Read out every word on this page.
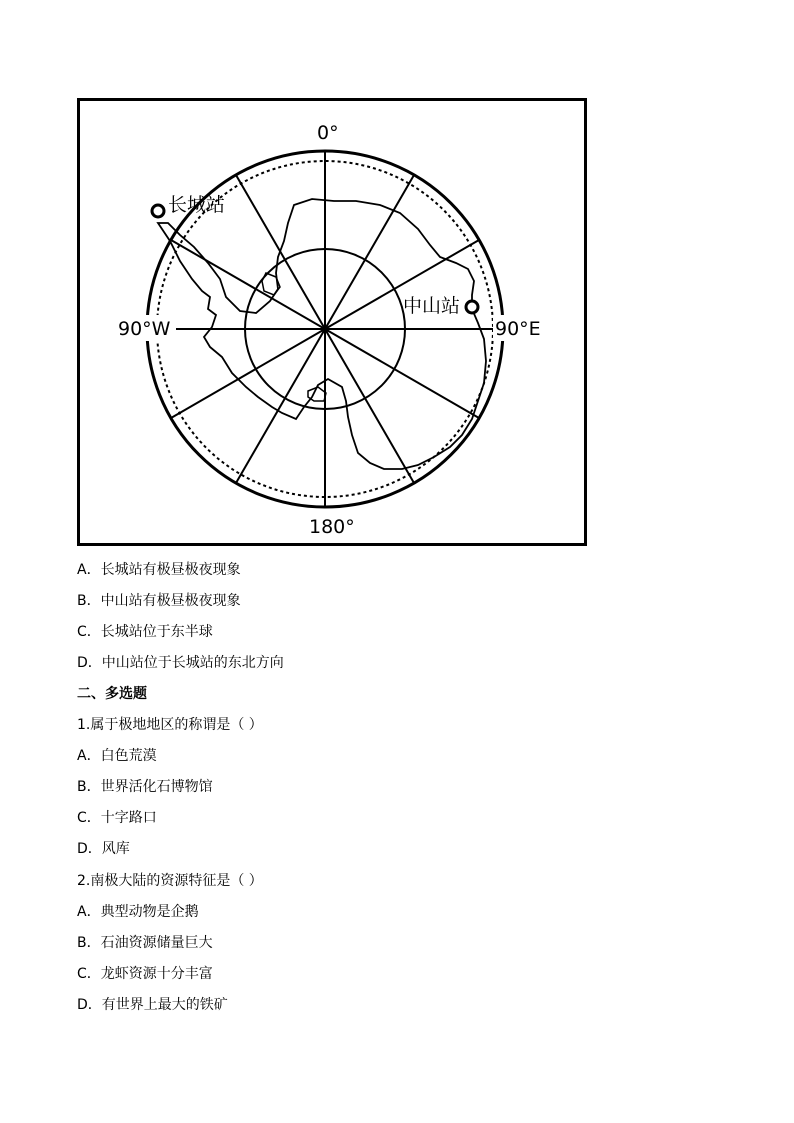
0°
180°
90°W	90°E
长城站
中山站
A．长城站有极昼极夜现象
B．中山站有极昼极夜现象
C．长城站位于东半球
D．中山站位于长城站的东北方向
二、多选题
1.属于极地地区的称谓是（ ）
A．白色荒漠
B．世界活化石博物馆
C．十字路口
D．风库
2.南极大陆的资源特征是（ ）
A．典型动物是企鹅
B．石油资源储量巨大
C．龙虾资源十分丰富
D．有世界上最大的铁矿
